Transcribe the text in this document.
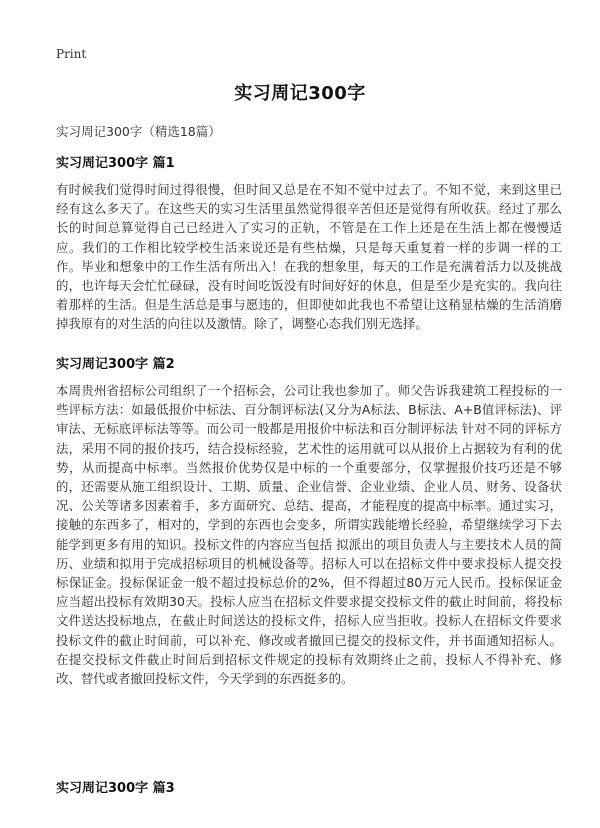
Print
实习周记300字

实习周记300字（精选18篇）

实习周记300字 篇1

有时候我们觉得时间过得很慢，但时间又总是在不知不觉中过去了。不知不觉，来到这里已经有这么多天了。在这些天的实习生活里虽然觉得很辛苦但还是觉得有所收获。经过了那么长的时间总算觉得自己已经进入了实习的正轨，不管是在工作上还是在生活上都在慢慢适应。我们的工作相比较学校生活来说还是有些枯燥，只是每天重复着一样的步调一样的工作。毕业和想象中的工作生活有所出入！在我的想象里，每天的工作是充满着活力以及挑战的，也许每天会忙忙碌碌，没有时间吃饭没有时间好好的休息，但是至少是充实的。我向往着那样的生活。但是生活总是事与愿违的，但即使如此我也不希望让这稍显枯燥的生活消磨掉我原有的对生活的向往以及激情。除了，调整心态我们别无选择。

实习周记300字 篇2

本周贵州省招标公司组织了一个招标会，公司让我也参加了。师父告诉我建筑工程投标的一些评标方法：如最低报价中标法、百分制评标法(又分为A标法、B标法、A+B值评标法)、评审法、无标底评标法等等。而公司一般都是用报价中标法和百分制评标法 针对不同的评标方法，采用不同的报价技巧，结合投标经验，艺术性的运用就可以从报价上占据较为有利的优势，从而提高中标率。当然报价优势仅是中标的一个重要部分，仅掌握报价技巧还是不够的，还需要从施工组织设计、工期、质量、企业信誉、企业业绩、企业人员、财务、设备状况、公关等诸多因素着手，多方面研究、总结、提高，才能程度的提高中标率。通过实习，接触的东西多了，相对的，学到的东西也会变多，所谓实践能增长经验，希望继续学习下去能学到更多有用的知识。投标文件的内容应当包括 拟派出的项目负责人与主要技术人员的简历、业绩和拟用于完成招标项目的机械设备等。招标人可以在招标文件中要求投标人提交投标保证金。投标保证金一般不超过投标总价的2%，但不得超过80万元人民币。投标保证金应当超出投标有效期30天。投标人应当在招标文件要求提交投标文件的截止时间前，将投标文件送达投标地点，在截止时间送达的投标文件，招标人应当拒收。投标人在招标文件要求投标文件的截止时间前，可以补充、修改或者撤回已提交的投标文件，并书面通知招标人。在提交投标文件截止时间后到招标文件规定的投标有效期终止之前，投标人不得补充、修改、替代或者撤回投标文件，今天学到的东西挺多的。

实习周记300字 篇3
